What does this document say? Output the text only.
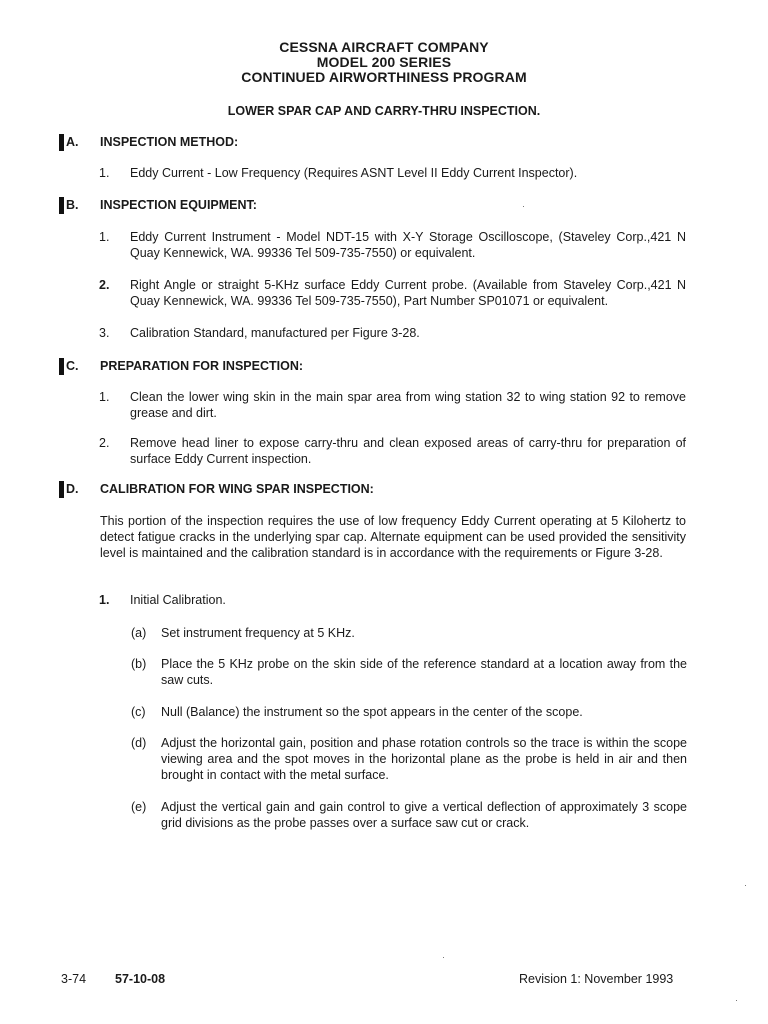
CESSNA AIRCRAFT COMPANY
MODEL 200 SERIES
CONTINUED AIRWORTHINESS PROGRAM
LOWER SPAR CAP AND CARRY-THRU INSPECTION.
A. INSPECTION METHOD:
1. Eddy Current - Low Frequency (Requires ASNT Level II Eddy Current Inspector).
B. INSPECTION EQUIPMENT:
1. Eddy Current Instrument - Model NDT-15 with X-Y Storage Oscilloscope, (Staveley Corp.,421 N Quay Kennewick, WA. 99336 Tel 509-735-7550) or equivalent.
2. Right Angle or straight 5-KHz surface Eddy Current probe. (Available from Staveley Corp.,421 N Quay Kennewick, WA. 99336 Tel 509-735-7550), Part Number SP01071 or equivalent.
3. Calibration Standard, manufactured per Figure 3-28.
C. PREPARATION FOR INSPECTION:
1. Clean the lower wing skin in the main spar area from wing station 32 to wing station 92 to remove grease and dirt.
2. Remove head liner to expose carry-thru and clean exposed areas of carry-thru for preparation of surface Eddy Current inspection.
D. CALIBRATION FOR WING SPAR INSPECTION:
This portion of the inspection requires the use of low frequency Eddy Current operating at 5 Kilohertz to detect fatigue cracks in the underlying spar cap. Alternate equipment can be used provided the sensitivity level is maintained and the calibration standard is in accordance with the requirements or Figure 3-28.
1. Initial Calibration.
(a) Set instrument frequency at 5 KHz.
(b) Place the 5 KHz probe on the skin side of the reference standard at a location away from the saw cuts.
(c) Null (Balance) the instrument so the spot appears in the center of the scope.
(d) Adjust the horizontal gain, position and phase rotation controls so the trace is within the scope viewing area and the spot moves in the horizontal plane as the probe is held in air and then brought in contact with the metal surface.
(e) Adjust the vertical gain and gain control to give a vertical deflection of approximately 3 scope grid divisions as the probe passes over a surface saw cut or crack.
3-74 57-10-08	Revision 1: November 1993
